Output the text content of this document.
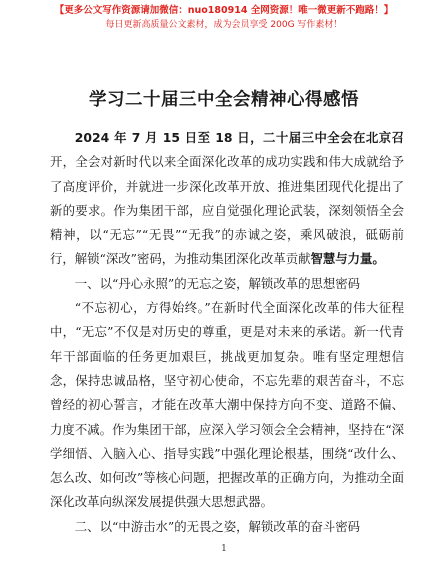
【更多公文写作资源请加微信：nuo180914 全网资源！唯一微更新不跑路！】
每日更新高质量公文素材，成为会员享受 200G 写作素材！
学习二十届三中全会精神心得感悟

2024 年 7 月 15 日至 18 日，二十届三中全会在北京召开，全会对新时代以来全面深化改革的成功实践和伟大成就给予了高度评价，并就进一步深化改革开放、推进集团现代化提出了新的要求。作为集团干部，应自觉强化理论武装，深刻领悟全会精神，以“无忘”“无畏”“无我”的赤诚之姿，乘风破浪，砥砺前行，解锁“深改”密码，为推动集团深化改革贡献智慧与力量。

一、以“丹心永照”的无忘之姿，解锁改革的思想密码

“不忘初心，方得始终。”在新时代全面深化改革的伟大征程中，“无忘”不仅是对历史的尊重，更是对未来的承诺。新一代青年干部面临的任务更加艰巨，挑战更加复杂。唯有坚定理想信念，保持忠诚品格，坚守初心使命，不忘先辈的艰苦奋斗，不忘曾经的初心誓言，才能在改革大潮中保持方向不变、道路不偏、力度不减。作为集团干部，应深入学习领会全会精神，坚持在“深学细悟、入脑入心、指导实践”中强化理论根基，围绕“改什么、怎么改、如何改”等核心问题，把握改革的正确方向，为推动全面深化改革向纵深发展提供强大思想武器。

二、以“中游击水”的无畏之姿，解锁改革的奋斗密码

1
